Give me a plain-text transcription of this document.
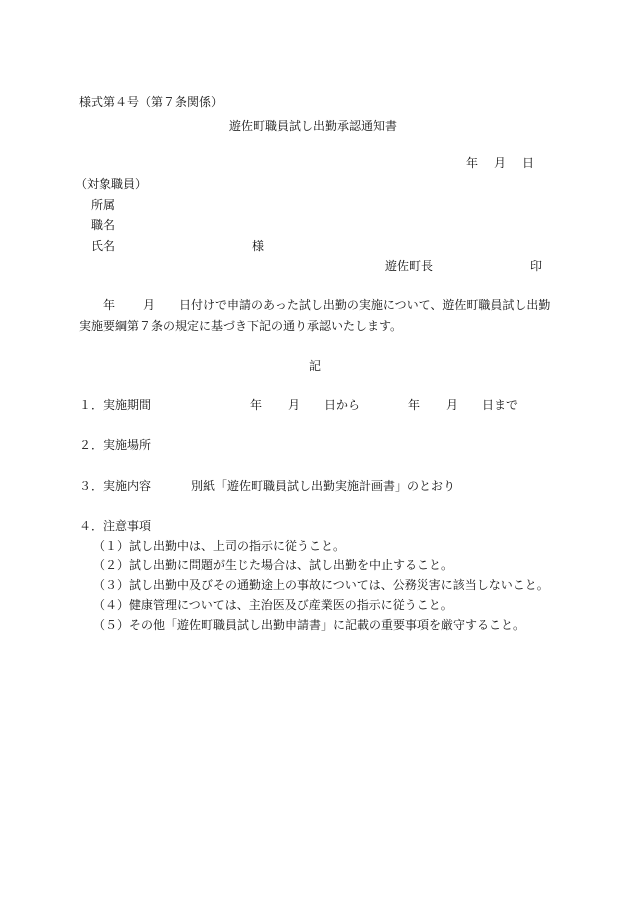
様式第４号（第７条関係）
遊佐町職員試し出勤承認通知書
年 月 日
（対象職員）
所属
職名
氏名	様
遊佐町長	印
年 月 日付けで申請のあった試し出勤の実施について、遊佐町職員試し出勤
実施要綱第７条の規定に基づき下記の通り承認いたします。
記
１．実施期間	年 月 日から	年 月 日まで
２．実施場所
３．実施内容	別紙「遊佐町職員試し出勤実施計画書」のとおり
４．注意事項
（１）試し出勤中は、上司の指示に従うこと。
（２）試し出勤に問題が生じた場合は、試し出勤を中止すること。
（３）試し出勤中及びその通勤途上の事故については、公務災害に該当しないこと。
（４）健康管理については、主治医及び産業医の指示に従うこと。
（５）その他「遊佐町職員試し出勤申請書」に記載の重要事項を厳守すること。
